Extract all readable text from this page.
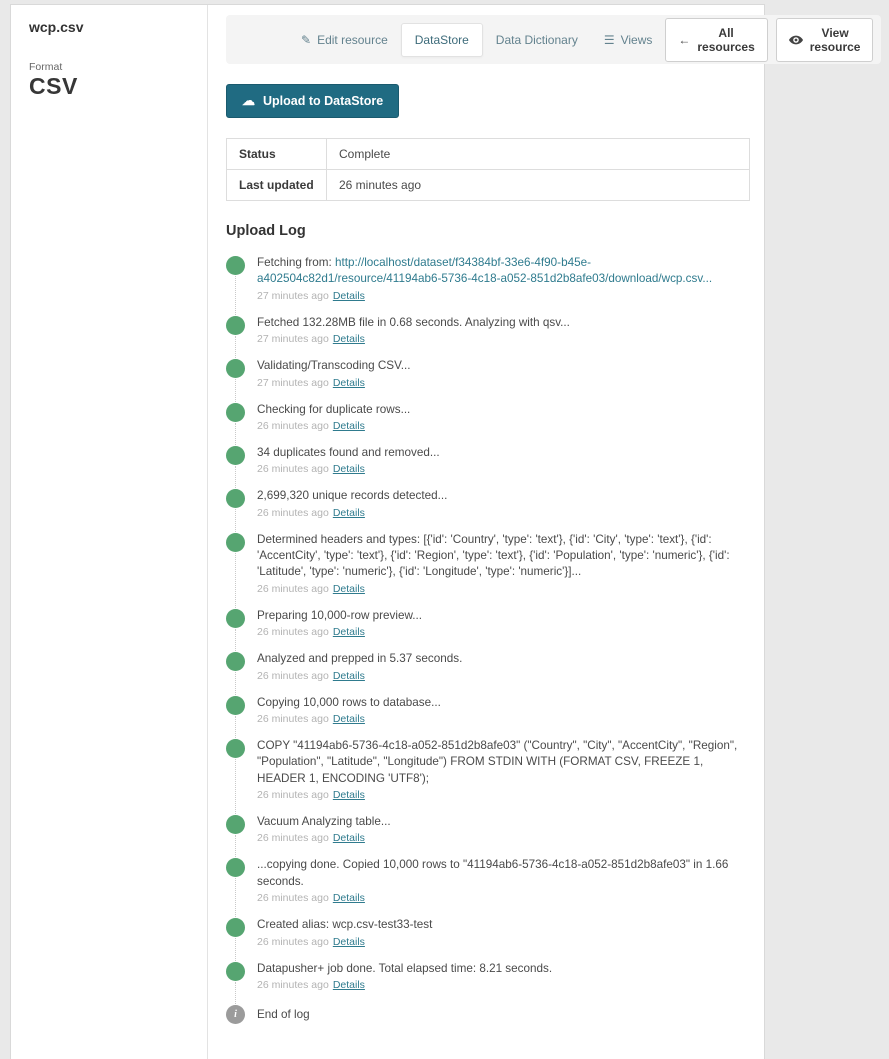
wcp.csv
Format
CSV
✎ Edit resource DataStore Data Dictionary ☰ Views ←	All resources
View resource
☁ Upload to DataStore
Status	Complete
Last updated	26 minutes ago
Upload Log
Fetching from: http://localhost/dataset/f34384bf-33e6-4f90-b45e-a402504c82d1/resource/41194ab6-5736-4c18-a052-851d2b8afe03/download/wcp.csv...
27 minutes ago Details
Fetched 132.28MB file in 0.68 seconds. Analyzing with qsv...
27 minutes ago Details
Validating/Transcoding CSV...
27 minutes ago Details
Checking for duplicate rows...
26 minutes ago Details
34 duplicates found and removed...
26 minutes ago Details
2,699,320 unique records detected...
26 minutes ago Details
Determined headers and types: [{'id': 'Country', 'type': 'text'}, {'id': 'City', 'type': 'text'}, {'id': 'AccentCity', 'type': 'text'}, {'id': 'Region', 'type': 'text'}, {'id': 'Population', 'type': 'numeric'}, {'id': 'Latitude', 'type': 'numeric'}, {'id': 'Longitude', 'type': 'numeric'}]...
26 minutes ago Details
Preparing 10,000-row preview...
26 minutes ago Details
Analyzed and prepped in 5.37 seconds.
26 minutes ago Details
Copying 10,000 rows to database...
26 minutes ago Details
COPY "41194ab6-5736-4c18-a052-851d2b8afe03" ("Country", "City", "AccentCity", "Region", "Population", "Latitude", "Longitude") FROM STDIN WITH (FORMAT CSV, FREEZE 1, HEADER 1, ENCODING 'UTF8');
26 minutes ago Details
Vacuum Analyzing table...
26 minutes ago Details
...copying done. Copied 10,000 rows to "41194ab6-5736-4c18-a052-851d2b8afe03" in 1.66 seconds.
26 minutes ago Details
Created alias: wcp.csv-test33-test
26 minutes ago Details
Datapusher+ job done. Total elapsed time: 8.21 seconds.
26 minutes ago Details
i	End of log
